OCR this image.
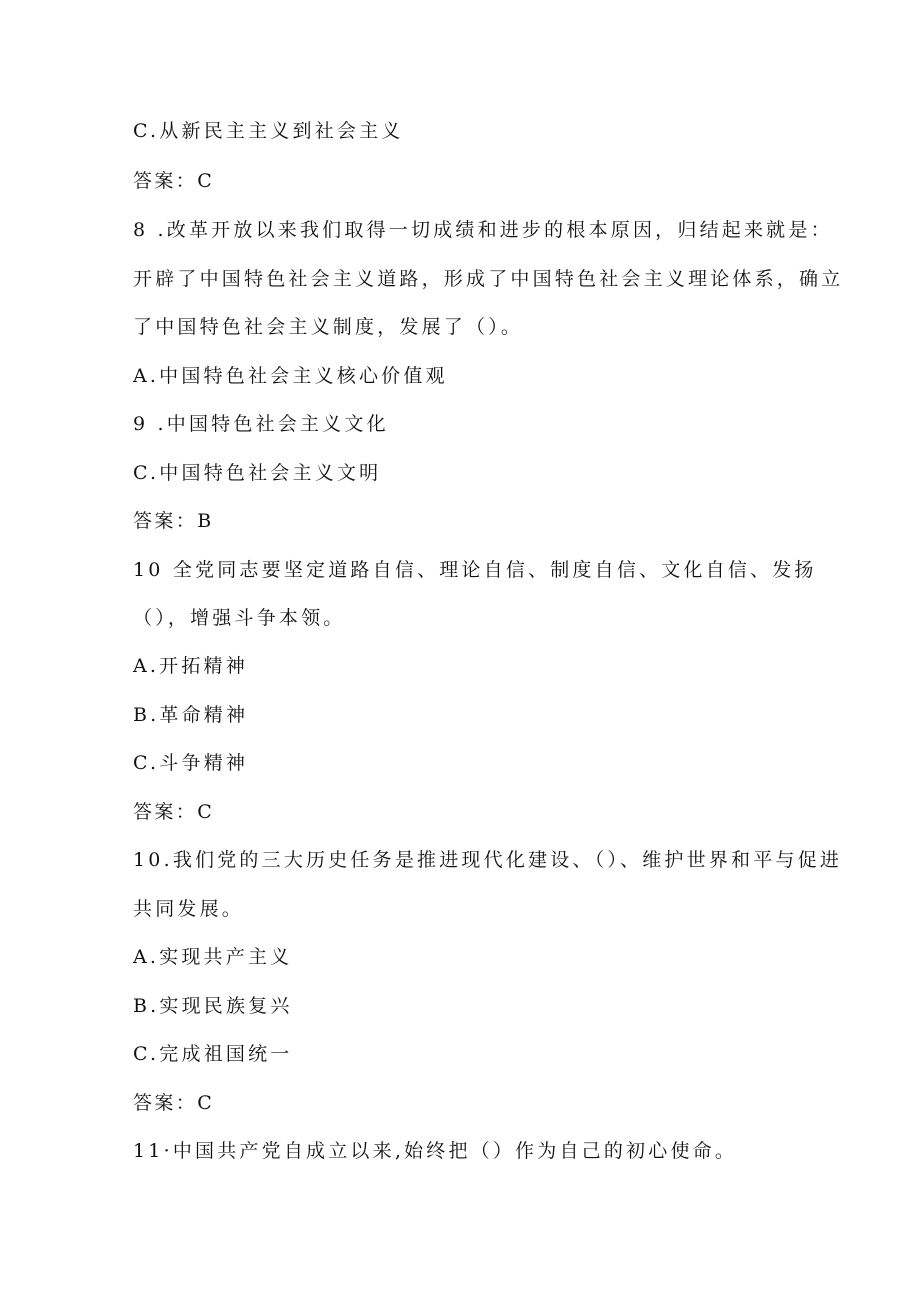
C.从新民主主义到社会主义

答案：C

8 .改革开放以来我们取得一切成绩和进步的根本原因，归结起来就是：

开辟了中国特色社会主义道路，形成了中国特色社会主义理论体系，确立

了中国特色社会主义制度，发展了（）。

A.中国特色社会主义核心价值观

9 .中国特色社会主义文化

C.中国特色社会主义文明

答案：B

10 全党同志要坚定道路自信、理论自信、制度自信、文化自信、发扬

（），增强斗争本领。

A.开拓精神

B.革命精神

C.斗争精神

答案：C

10.我们党的三大历史任务是推进现代化建设、（）、维护世界和平与促进

共同发展。

A.实现共产主义

B.实现民族复兴

C.完成祖国统一

答案：C

11·中国共产党自成立以来,始终把（）作为自己的初心使命。
